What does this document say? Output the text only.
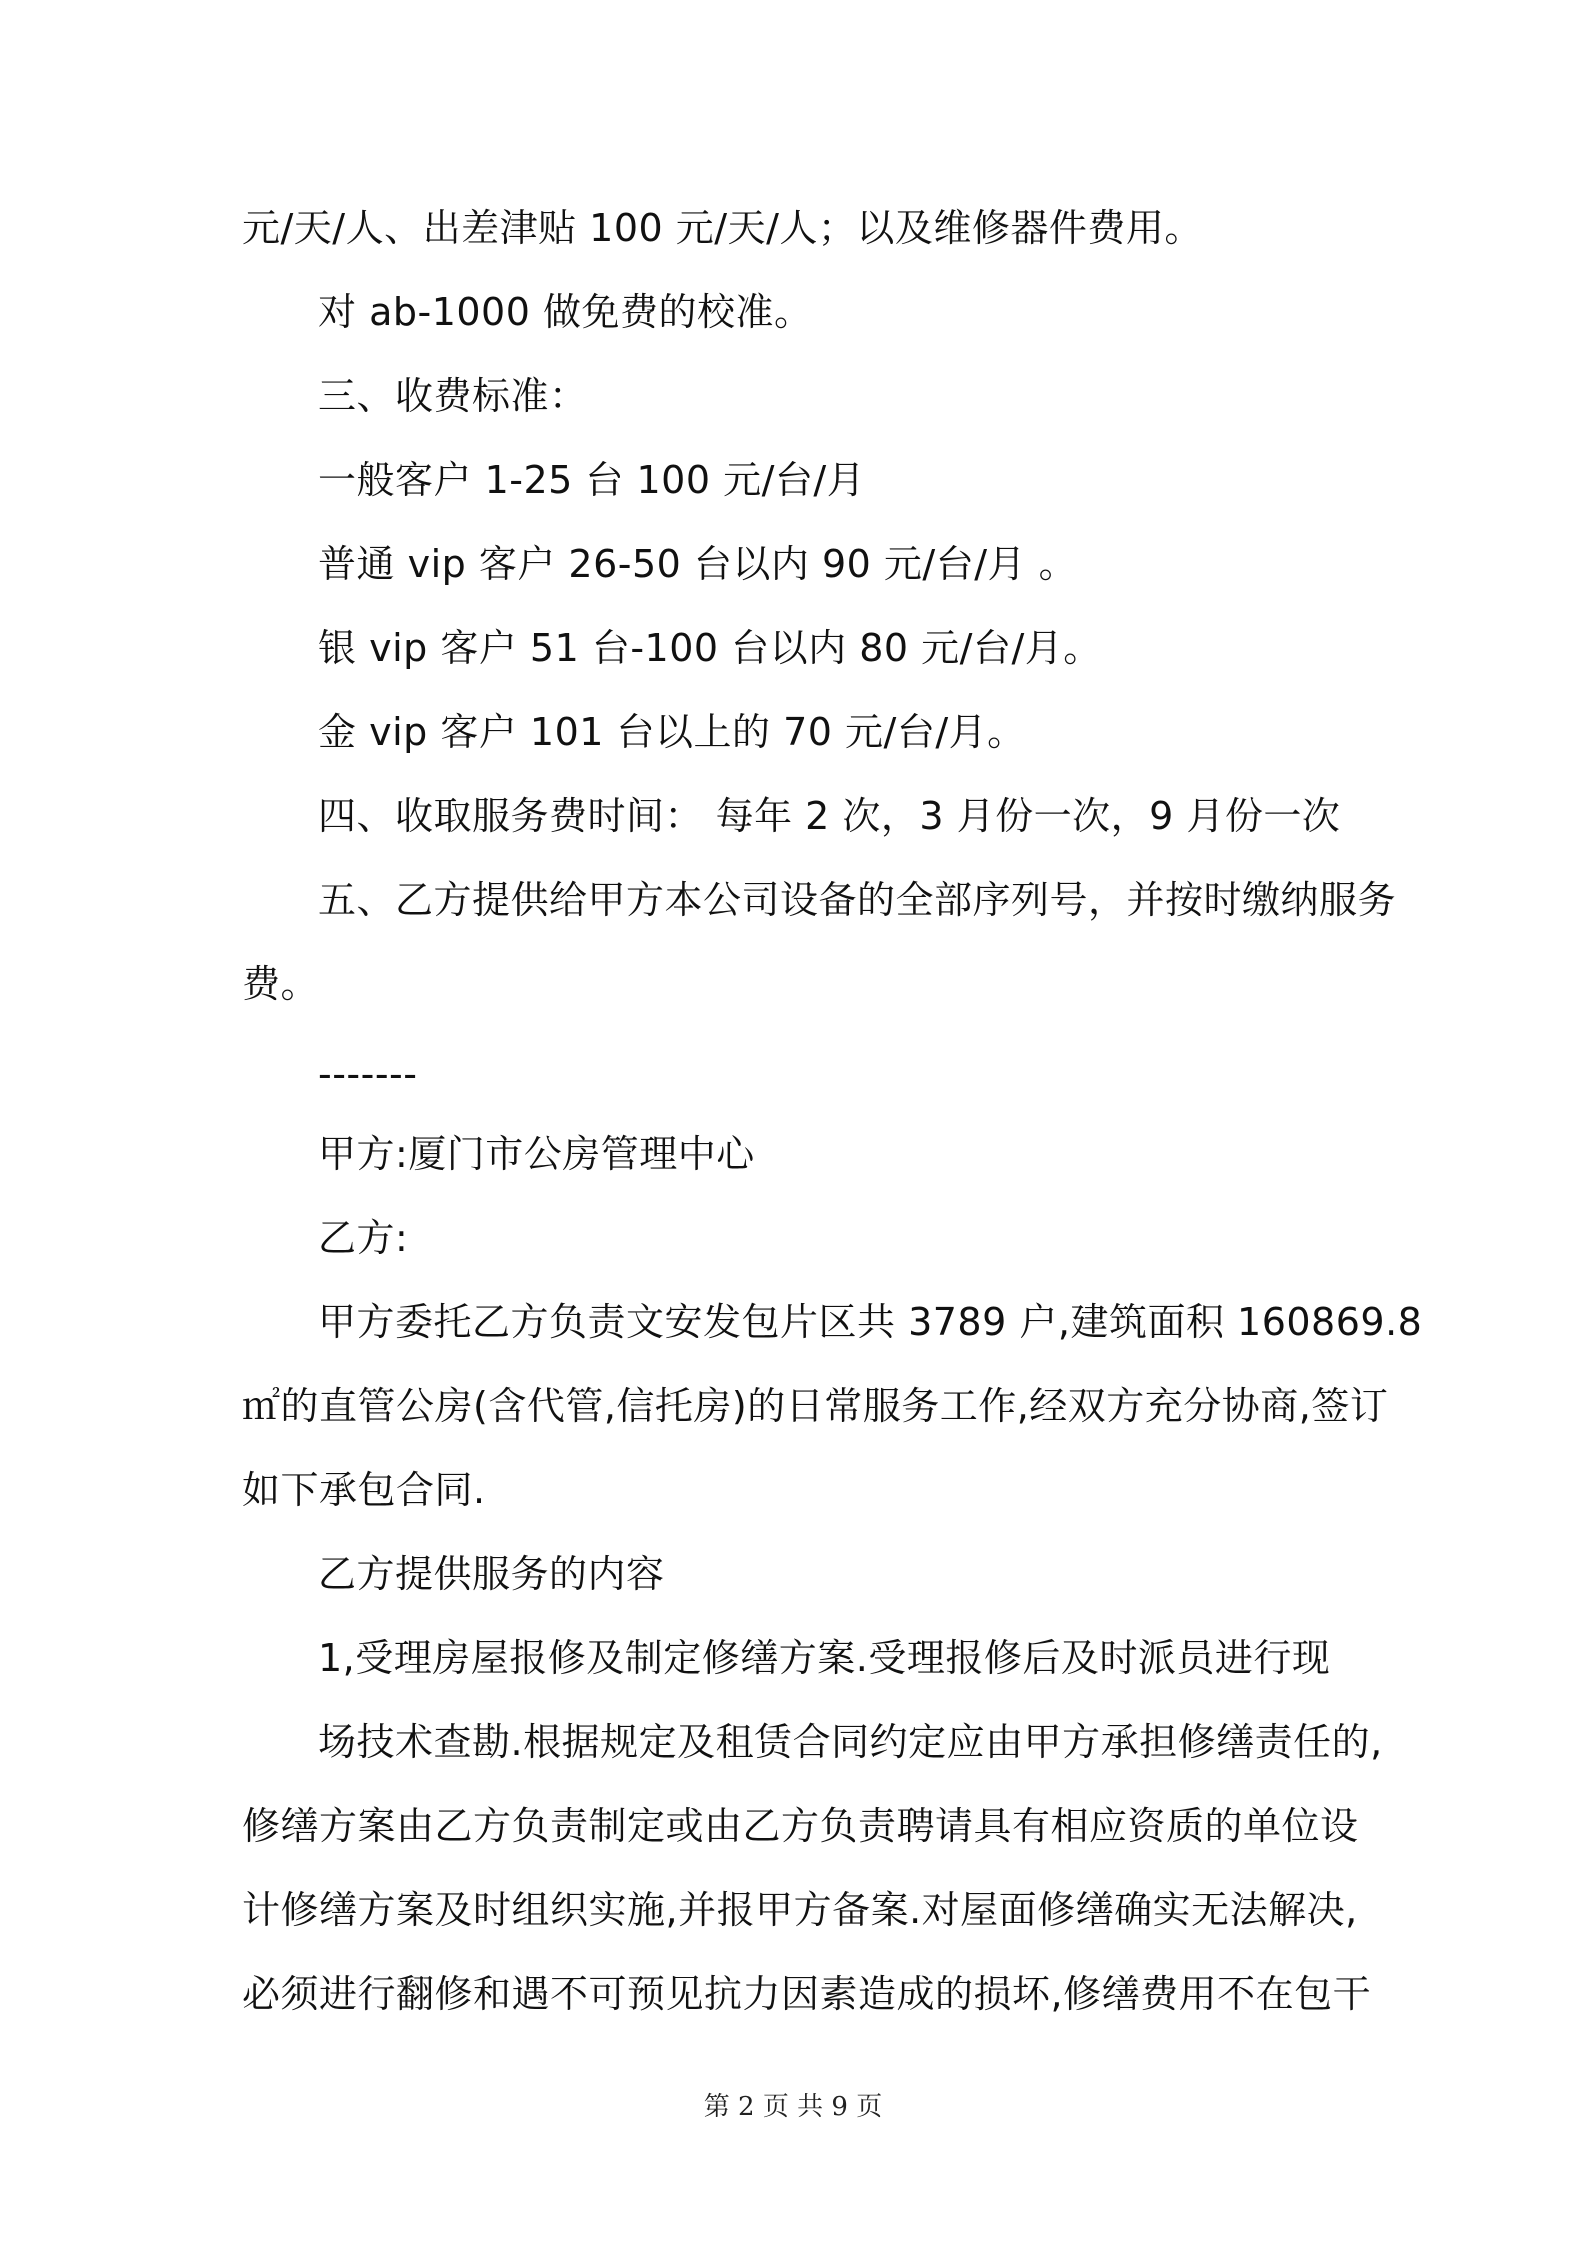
元/天/人、出差津贴 100 元/天/人；以及维修器件费用。
对 ab-1000 做免费的校准。
三、收费标准：
一般客户 1-25 台 100 元/台/月
普通 vip 客户 26-50 台以内 90 元/台/月 。
银 vip 客户 51 台-100 台以内 80 元/台/月。
金 vip 客户 101 台以上的 70 元/台/月。
四、收取服务费时间： 每年 2 次，3 月份一次，9 月份一次
五、乙方提供给甲方本公司设备的全部序列号，并按时缴纳服务
费。
-------
甲方:厦门市公房管理中心
乙方:
甲方委托乙方负责文安发包片区共 3789 户,建筑面积 160869.8
㎡的直管公房(含代管,信托房)的日常服务工作,经双方充分协商,签订
如下承包合同.
乙方提供服务的内容
1,受理房屋报修及制定修缮方案.受理报修后及时派员进行现
场技术查勘.根据规定及租赁合同约定应由甲方承担修缮责任的,
修缮方案由乙方负责制定或由乙方负责聘请具有相应资质的单位设
计修缮方案及时组织实施,并报甲方备案.对屋面修缮确实无法解决,
必须进行翻修和遇不可预见抗力因素造成的损坏,修缮费用不在包干
第 2 页 共 9 页
